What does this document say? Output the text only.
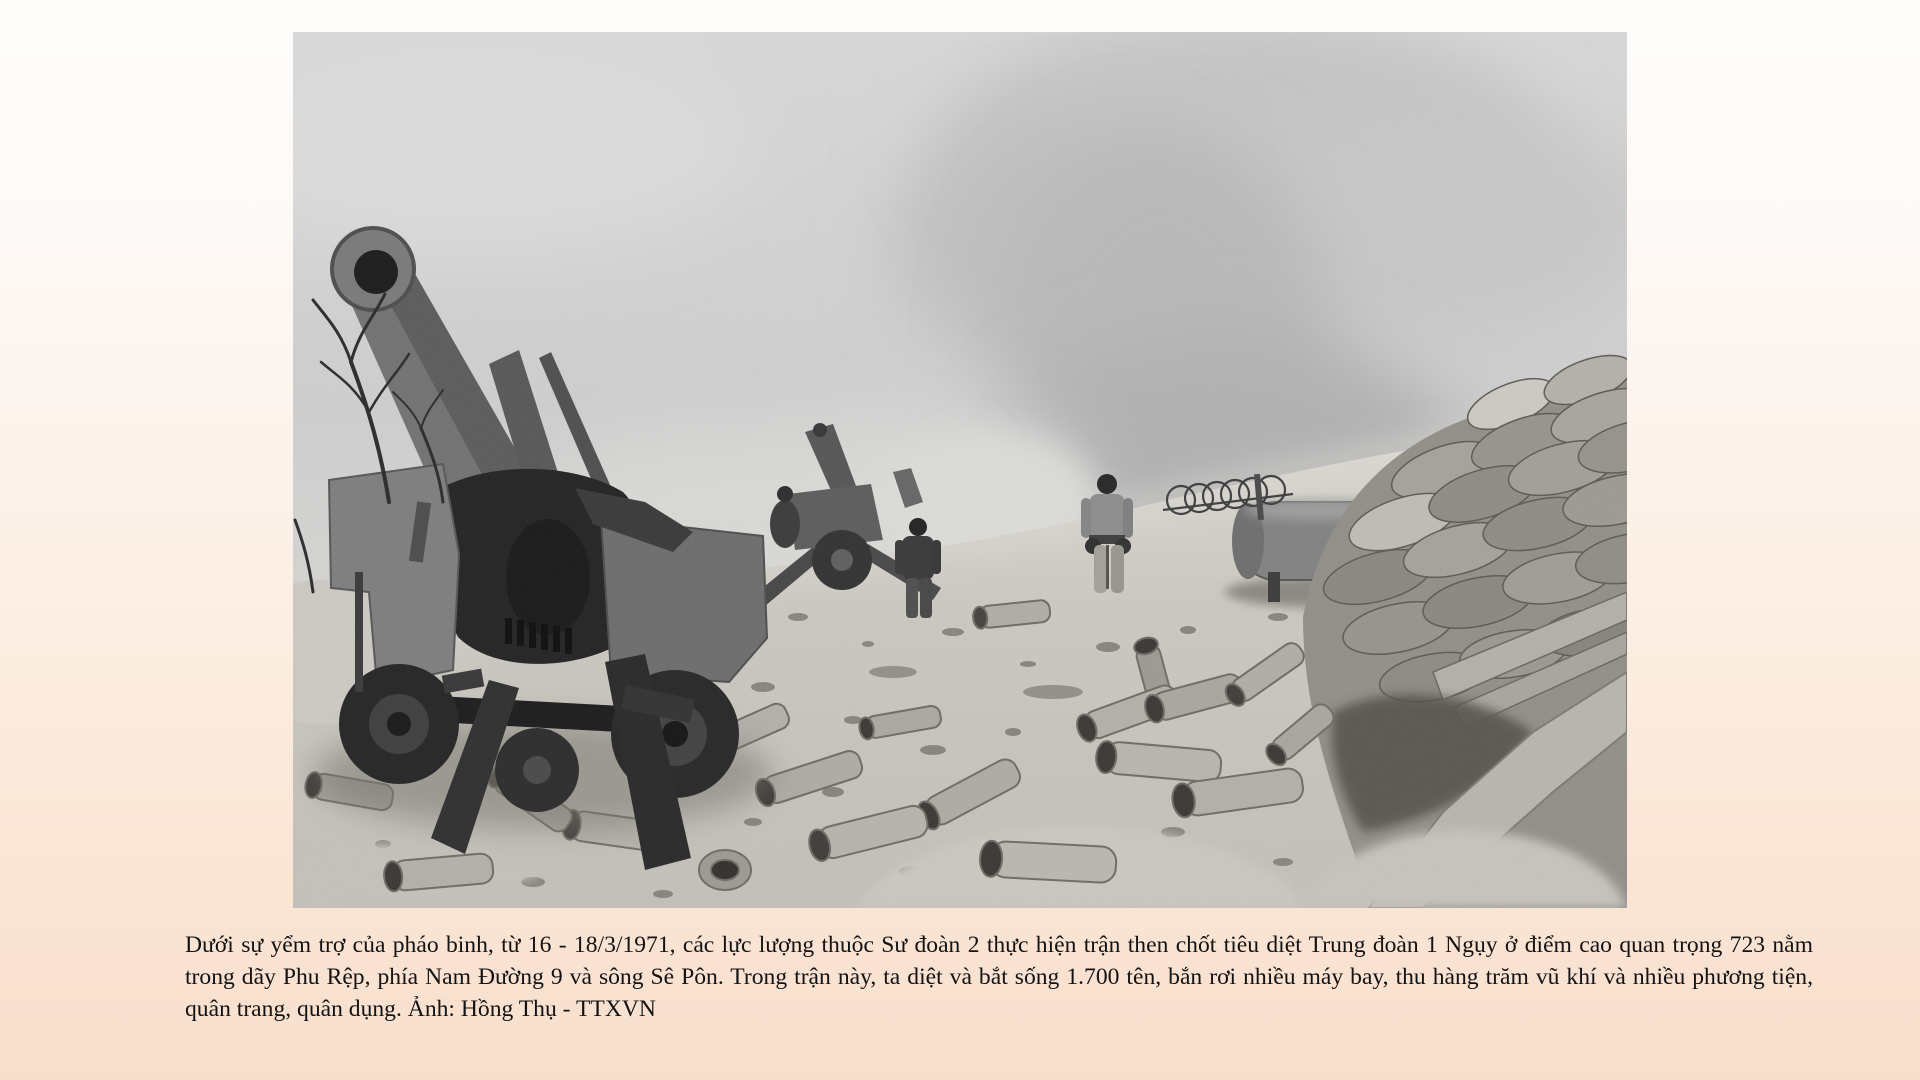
Dưới sự yểm trợ của pháo binh, từ 16 - 18/3/1971, các lực lượng thuộc Sư đoàn 2 thực hiện trận then chốt tiêu diệt Trung đoàn 1 Ngụy ở điểm cao quan trọng 723 nằm trong dãy Phu Rệp, phía Nam Đường 9 và sông Sê Pôn. Trong trận này, ta diệt và bắt sống 1.700 tên, bắn rơi nhiều máy bay, thu hàng trăm vũ khí và nhiều phương tiện, quân trang, quân dụng. Ảnh: Hồng Thụ - TTXVN
